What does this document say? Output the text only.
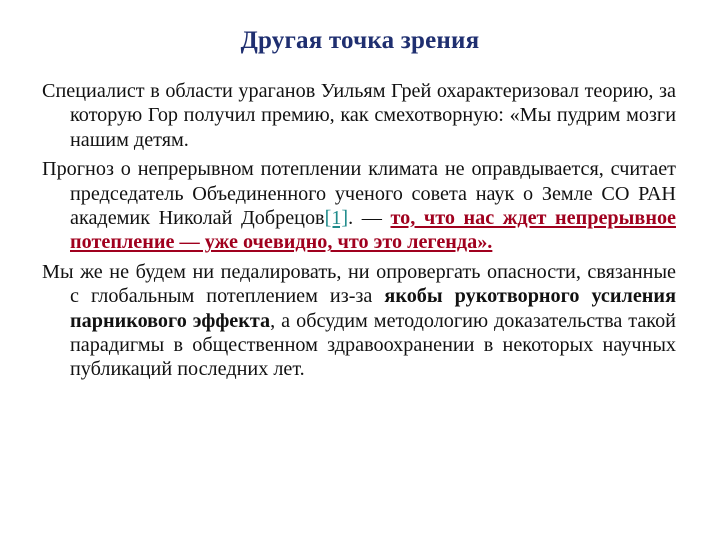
Другая точка зрения

Специалист в области ураганов Уильям Грей охарактеризовал теорию, за которую Гор получил премию, как смехотворную: «Мы пудрим мозги нашим детям.

Прогноз о непрерывном потеплении климата не оправдывается, считает председатель Объединенного ученого совета наук о Земле СО РАН академик Николай Добрецов[1]. — то, что нас ждет непрерывное потепление — уже очевидно, что это легенда».

Мы же не будем ни педалировать, ни опровергать опасности, связанные с глобальным потеплением из-за якобы рукотворного усиления парникового эффекта, а обсудим методологию доказательства такой парадигмы в общественном здравоохранении в некоторых научных публикаций последних лет.
